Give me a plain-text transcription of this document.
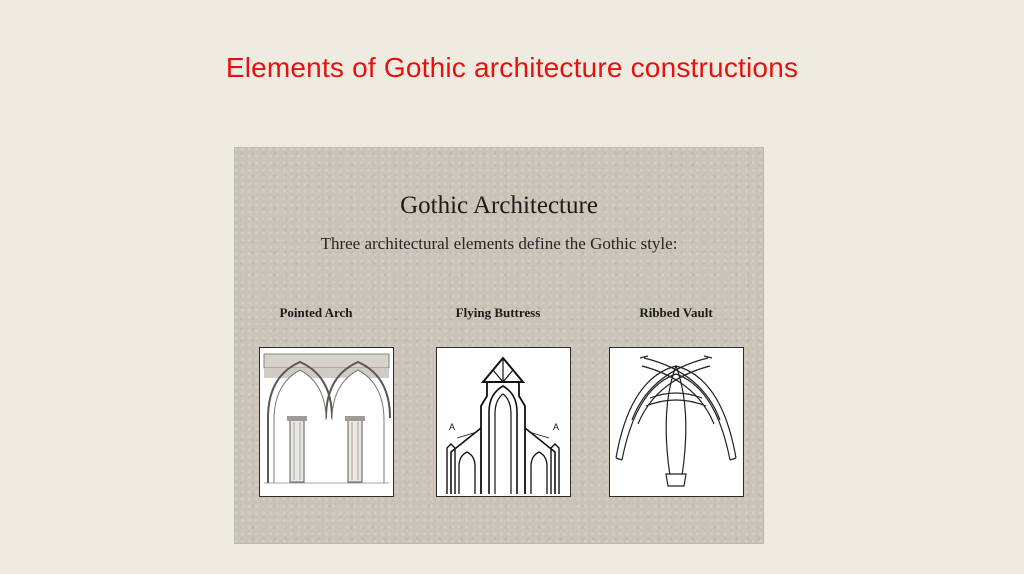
Elements of Gothic architecture constructions
Gothic Architecture
Three architectural elements define the Gothic style:
Pointed Arch	Flying Buttress	Ribbed Vault
A	A
